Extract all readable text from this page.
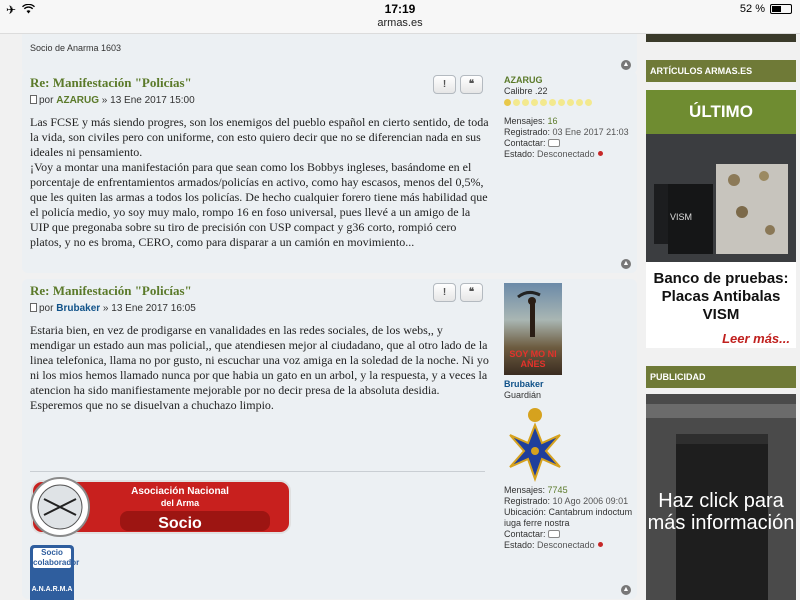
✈	17:19
armas.es
52 %
Socio de Anarma 1603
▲
Re: Manifestación "Policías"
por AZARUG » 13 Ene 2017 15:00
!	❝
Las FCSE y más siendo progres, son los enemigos del pueblo español en cierto sentido, de toda la vida, son civiles pero con uniforme, con esto quiero decir que no se diferencian nada en sus ideales ni pensamiento.
¡Voy a montar una manifestación para que sean como los Bobbys ingleses, basándome en el porcentaje de enfrentamientos armados/policías en activo, como hay escasos, menos del 0,5%, que les quiten las armas a todos los policías. De hecho cualquier forero tiene más habilidad que el policía medio, yo soy muy malo, rompo 16 en foso universal, pues llevé a un amigo de la UIP que pregonaba sobre su tiro de precisión con USP compact y g36 corto, rompió cero platos, y no es broma, CERO, como para disparar a un camión en movimiento...
AZARUG
Calibre .22
Mensajes: 16
Registrado: 03 Ene 2017 21:03
Contactar:
Estado: Desconectado
▲
Re: Manifestación "Policías"
por Brubaker » 13 Ene 2017 16:05
!	❝
Estaria bien, en vez de prodigarse en vanalidades en las redes sociales, de los webs,, y mendigar un estado aun mas policial,, que atendiesen mejor al ciudadano, que al otro lado de la linea telefonica, llama no por gusto, ni escuchar una voz amiga en la soledad de la noche. Ni yo ni los mios hemos llamado nunca por que habia un gato en un arbol, y la respuesta, y a veces la atencion ha sido manifiestamente mejorable por no decir presa de la absoluta desidia.
Esperemos que no se disuelvan a chuchazo limpio.
Asociación Nacional
del Arma
Socio
Socio colaborador
A.N.A.R.M.A
SOY MO NI AÑES
Brubaker
Guardián
Mensajes: 7745
Registrado: 10 Ago 2006 09:01
Ubicación: Cantabrum indoctum iuga ferre nostra
Contactar:
Estado: Desconectado
▲
ARTÍCULOS ARMAS.ES
ÚLTIMO
VISM
Banco de pruebas: Placas Antibalas VISM
Leer más...
PUBLICIDAD
Haz click para más información
